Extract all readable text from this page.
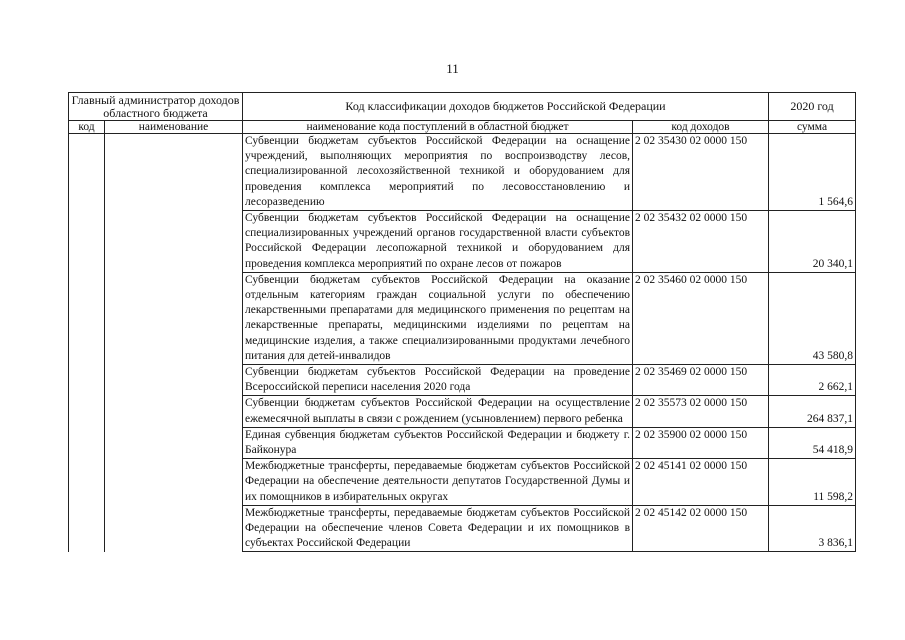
11
Главный администратор доходов областного бюджета		Код классификации доходов бюджетов Российской Федерации		2020 год
код	наименование	наименование кода поступлений в областной бюджет	код доходов	сумма
		Субвенции бюджетам субъектов Российской Федерации на оснащение учреждений, выполняющих мероприятия по воспроизводству лесов, специализированной лесохозяйственной техникой и оборудованием для проведения комплекса мероприятий по лесовосстановлению и лесоразведению	2 02 35430 02 0000 150	1 564,6
		Субвенции бюджетам субъектов Российской Федерации на оснащение специализированных учреждений органов государственной власти субъектов Российской Федерации лесопожарной техникой и оборудованием для проведения комплекса мероприятий по охране лесов от пожаров	2 02 35432 02 0000 150	20 340,1
		Субвенции бюджетам субъектов Российской Федерации на оказание отдельным категориям граждан социальной услуги по обеспечению лекарственными препаратами для медицинского применения по рецептам на лекарственные препараты, медицинскими изделиями по рецептам на медицинские изделия, а также специализированными продуктами лечебного питания для детей-инвалидов	2 02 35460 02 0000 150	43 580,8
		Субвенции бюджетам субъектов Российской Федерации на проведение Всероссийской переписи населения 2020 года	2 02 35469 02 0000 150	2 662,1
		Субвенции бюджетам субъектов Российской Федерации на осуществление ежемесячной выплаты в связи с рождением (усыновлением) первого ребенка	2 02 35573 02 0000 150	264 837,1
		Единая субвенция бюджетам субъектов Российской Федерации и бюджету г. Байконура	2 02 35900 02 0000 150	54 418,9
		Межбюджетные трансферты, передаваемые бюджетам субъектов Российской Федерации на обеспечение деятельности депутатов Государственной Думы и их помощников в избирательных округах	2 02 45141 02 0000 150	11 598,2
		Межбюджетные трансферты, передаваемые бюджетам субъектов Российской Федерации на обеспечение членов Совета Федерации и их помощников в субъектах Российской Федерации	2 02 45142 02 0000 150	3 836,1
